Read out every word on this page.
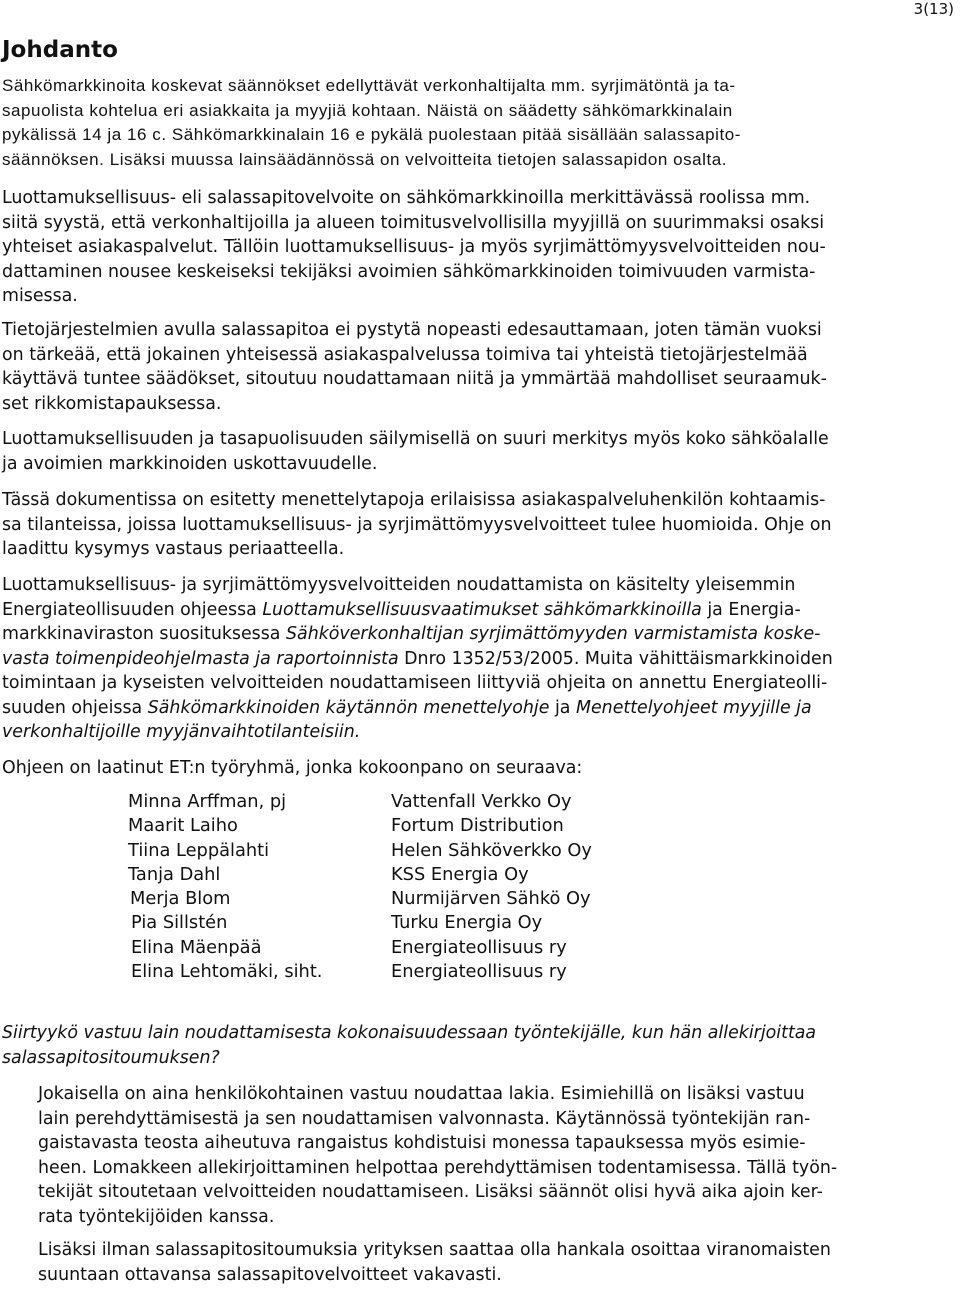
3(13)
Johdanto
Sähkömarkkinoita koskevat säännökset edellyttävät verkonhaltijalta mm. syrjimätöntä ja ta-
sapuolista kohtelua eri asiakkaita ja myyjiä kohtaan. Näistä on säädetty sähkömarkkinalain
pykälissä 14 ja 16 c. Sähkömarkkinalain 16 e pykälä puolestaan pitää sisällään salassapito-
säännöksen. Lisäksi muussa lainsäädännössä on velvoitteita tietojen salassapidon osalta.
Luottamuksellisuus- eli salassapitovelvoite on sähkömarkkinoilla merkittävässä roolissa mm.
siitä syystä, että verkonhaltijoilla ja alueen toimitusvelvollisilla myyjillä on suurimmaksi osaksi
yhteiset asiakaspalvelut. Tällöin luottamuksellisuus- ja myös syrjimättömyysvelvoitteiden nou-
dattaminen nousee keskeiseksi tekijäksi avoimien sähkömarkkinoiden toimivuuden varmista-
misessa.
Tietojärjestelmien avulla salassapitoa ei pystytä nopeasti edesauttamaan, joten tämän vuoksi
on tärkeää, että jokainen yhteisessä asiakaspalvelussa toimiva tai yhteistä tietojärjestelmää
käyttävä tuntee säädökset, sitoutuu noudattamaan niitä ja ymmärtää mahdolliset seuraamuk-
set rikkomistapauksessa.
Luottamuksellisuuden ja tasapuolisuuden säilymisellä on suuri merkitys myös koko sähköalalle
ja avoimien markkinoiden uskottavuudelle.
Tässä dokumentissa on esitetty menettelytapoja erilaisissa asiakaspalveluhenkilön kohtaamis-
sa tilanteissa, joissa luottamuksellisuus- ja syrjimättömyysvelvoitteet tulee huomioida. Ohje on
laadittu kysymys vastaus periaatteella.
Luottamuksellisuus- ja syrjimättömyysvelvoitteiden noudattamista on käsitelty yleisemmin
Energiateollisuuden ohjeessa Luottamuksellisuusvaatimukset sähkömarkkinoilla ja Energia-
markkinaviraston suosituksessa Sähköverkonhaltijan syrjimättömyyden varmistamista koske-
vasta toimenpideohjelmasta ja raportoinnista Dnro 1352/53/2005. Muita vähittäismarkkinoiden
toimintaan ja kyseisten velvoitteiden noudattamiseen liittyviä ohjeita on annettu Energiateolli-
suuden ohjeissa Sähkömarkkinoiden käytännön menettelyohje ja Menettelyohjeet myyjille ja
verkonhaltijoille myyjänvaihtotilanteisiin.
Ohjeen on laatinut ET:n työryhmä, jonka kokoonpano on seuraava:
Minna Arffman, pj	Vattenfall Verkko Oy
Maarit Laiho	Fortum Distribution
Tiina Leppälahti	Helen Sähköverkko Oy
Tanja Dahl	KSS Energia Oy
Merja Blom	Nurmijärven Sähkö Oy
Pia Sillstén	Turku Energia Oy
Elina Mäenpää	Energiateollisuus ry
Elina Lehtomäki, siht.	Energiateollisuus ry
Siirtyykö vastuu lain noudattamisesta kokonaisuudessaan työntekijälle, kun hän allekirjoittaa
salassapitositoumuksen?
Jokaisella on aina henkilökohtainen vastuu noudattaa lakia. Esimiehillä on lisäksi vastuu
lain perehdyttämisestä ja sen noudattamisen valvonnasta. Käytännössä työntekijän ran-
gaistavasta teosta aiheutuva rangaistus kohdistuisi monessa tapauksessa myös esimie-
heen. Lomakkeen allekirjoittaminen helpottaa perehdyttämisen todentamisessa. Tällä työn-
tekijät sitoutetaan velvoitteiden noudattamiseen. Lisäksi säännöt olisi hyvä aika ajoin ker-
rata työntekijöiden kanssa.
Lisäksi ilman salassapitositoumuksia yrityksen saattaa olla hankala osoittaa viranomaisten
suuntaan ottavansa salassapitovelvoitteet vakavasti.
